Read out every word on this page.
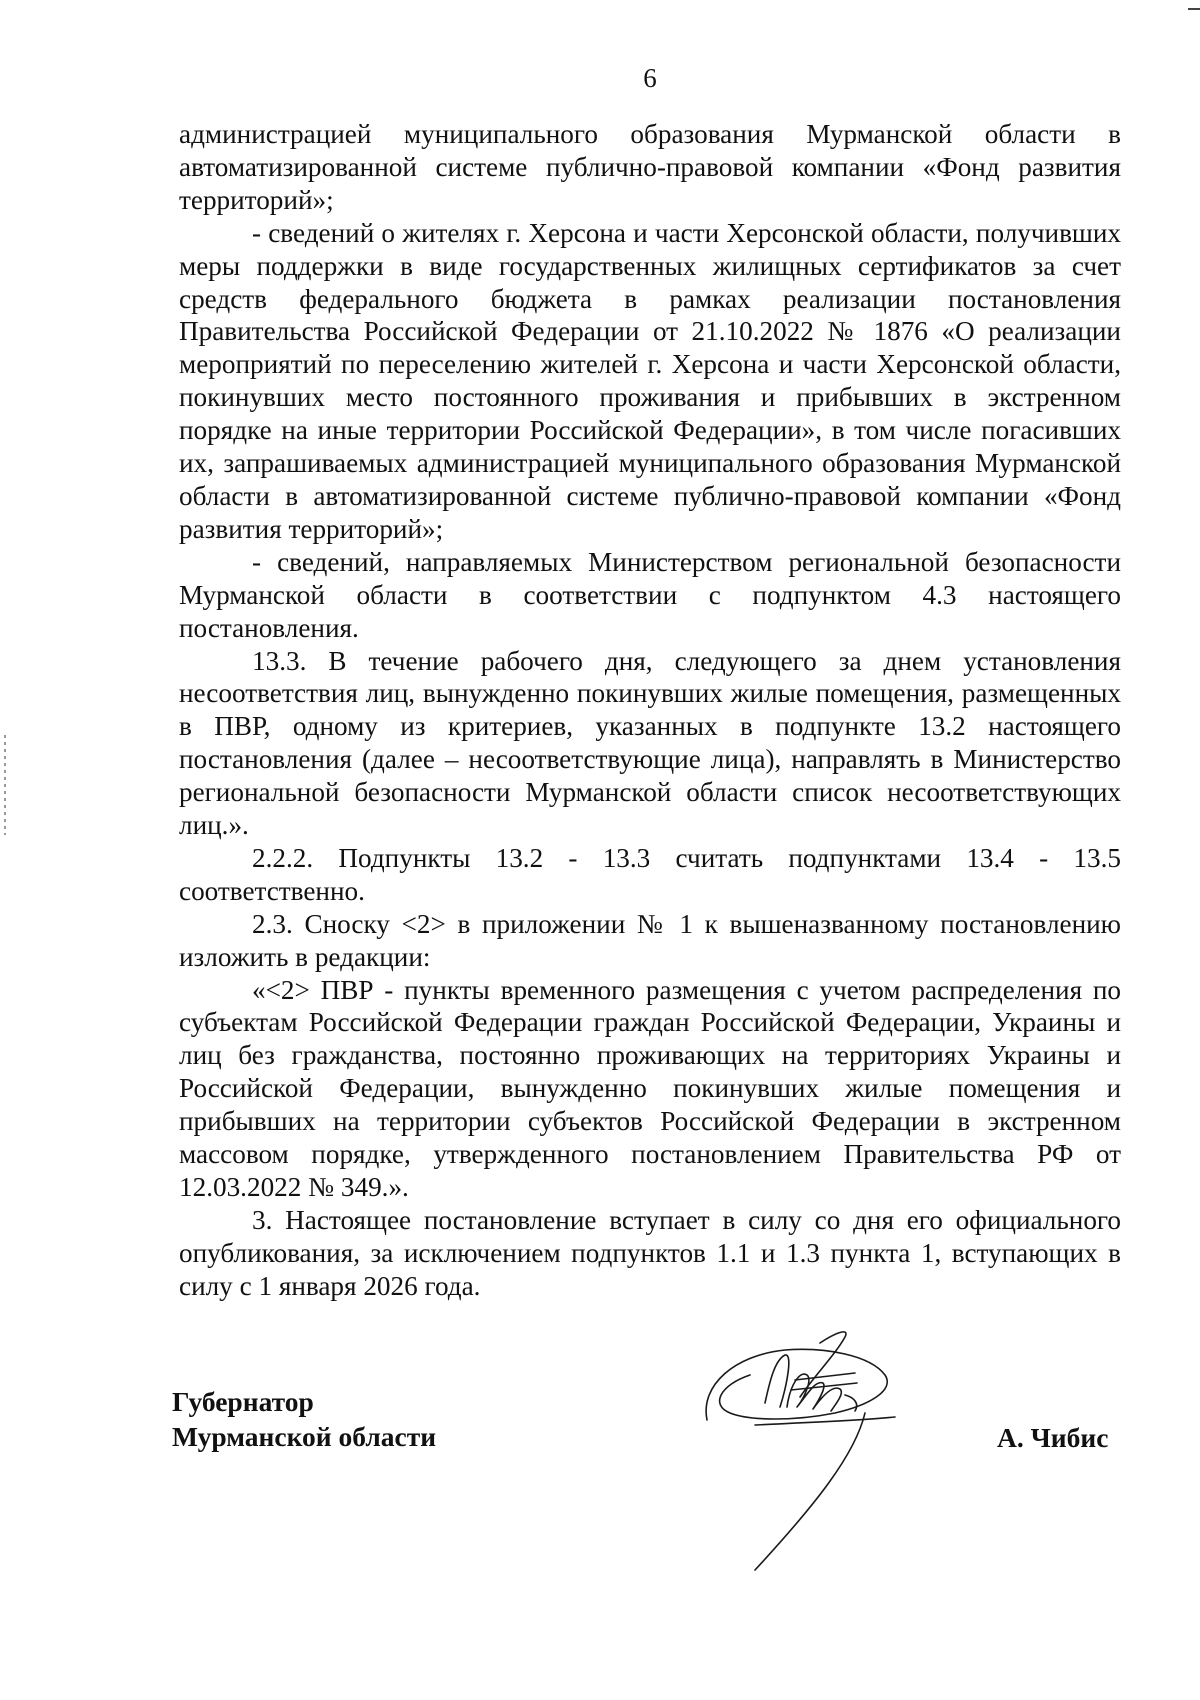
6

администрацией муниципального образования Мурманской области в автоматизированной системе публично-правовой компании «Фонд развития территорий»;

- сведений о жителях г. Херсона и части Херсонской области, получивших меры поддержки в виде государственных жилищных сертификатов за счет средств федерального бюджета в рамках реализации постановления Правительства Российской Федерации от 21.10.2022 № 1876 «О реализации мероприятий по переселению жителей г. Херсона и части Херсонской области, покинувших место постоянного проживания и прибывших в экстренном порядке на иные территории Российской Федерации», в том числе погасивших их, запрашиваемых администрацией муниципального образования Мурманской области в автоматизированной системе публично-правовой компании «Фонд развития территорий»;

- сведений, направляемых Министерством региональной безопасности Мурманской области в соответствии с подпунктом 4.3 настоящего постановления.

13.3. В течение рабочего дня, следующего за днем установления несоответствия лиц, вынужденно покинувших жилые помещения, размещенных в ПВР, одному из критериев, указанных в подпункте 13.2 настоящего постановления (далее – несоответствующие лица), направлять в Министерство региональной безопасности Мурманской области список несоответствующих лиц.».

2.2.2. Подпункты 13.2 - 13.3 считать подпунктами 13.4 - 13.5 соответственно.

2.3. Сноску <2> в приложении № 1 к вышеназванному постановлению изложить в редакции:

«<2> ПВР - пункты временного размещения с учетом распределения по субъектам Российской Федерации граждан Российской Федерации, Украины и лиц без гражданства, постоянно проживающих на территориях Украины и Российской Федерации, вынужденно покинувших жилые помещения и прибывших на территории субъектов Российской Федерации в экстренном массовом порядке, утвержденного постановлением Правительства РФ от 12.03.2022 № 349.».

3. Настоящее постановление вступает в силу со дня его официального опубликования, за исключением подпунктов 1.1 и 1.3 пункта 1, вступающих в силу с 1 января 2026 года.

Губернатор
Мурманской области	А. Чибис
